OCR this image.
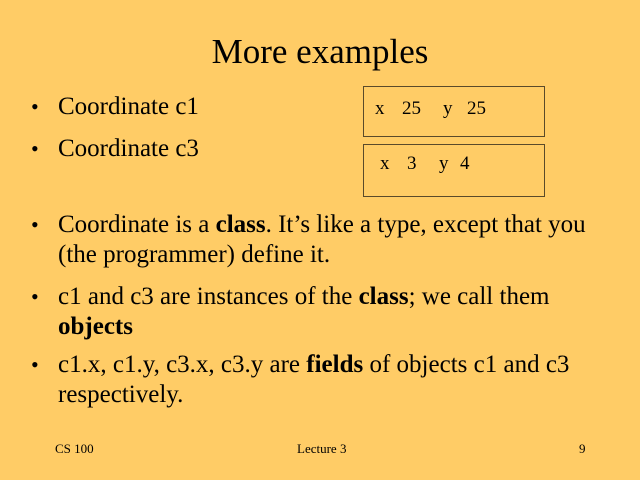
More examples
• Coordinate c1
• Coordinate c3
x 25 y 25
x 3 y 4
• Coordinate is a class. It’s like a type, except that you (the programmer) define it.
• c1 and c3 are instances of the class; we call them objects
• c1.x, c1.y, c3.x, c3.y are fields of objects c1 and c3 respectively.
CS 100	Lecture 3	9
